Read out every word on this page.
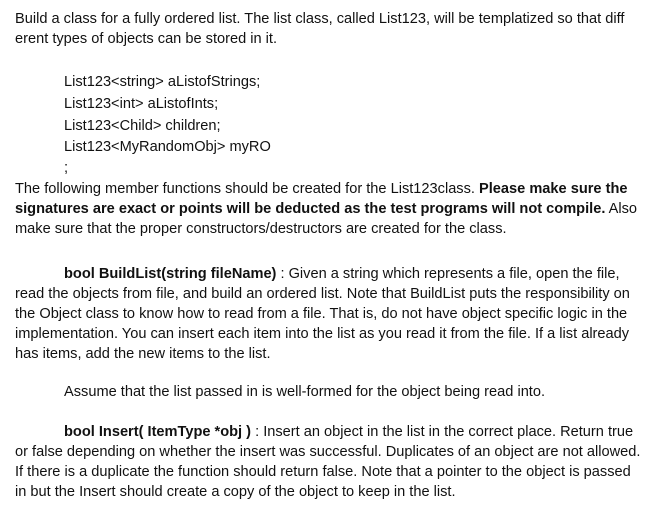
Build a class for a fully ordered list. The list class, called List123, will be templatized so that diff
erent types of objects can be stored in it.

List123<string> aListofStrings;

List123<int> aListofInts;

List123<Child> children;

List123<MyRandomObj> myRO

;

The following member functions should be created for the List123class. Please make sure the signatures are exact or points will be deducted as the test programs will not compile. Also make sure that the proper constructors/destructors are created for the class.

bool BuildList(string fileName) : Given a string which represents a file, open the file, read the objects from file, and build an ordered list. Note that BuildList puts the responsibility on the Object class to know how to read from a file. That is, do not have object specific logic in the implementation. You can insert each item into the list as you read it from the file. If a list already has items, add the new items to the list.

Assume that the list passed in is well-formed for the object being read into.

bool Insert( ItemType *obj ) : Insert an object in the list in the correct place. Return true or false depending on whether the insert was successful. Duplicates of an object are not allowed. If there is a duplicate the function should return false. Note that a pointer to the object is passed in but the Insert should create a copy of the object to keep in the list.
